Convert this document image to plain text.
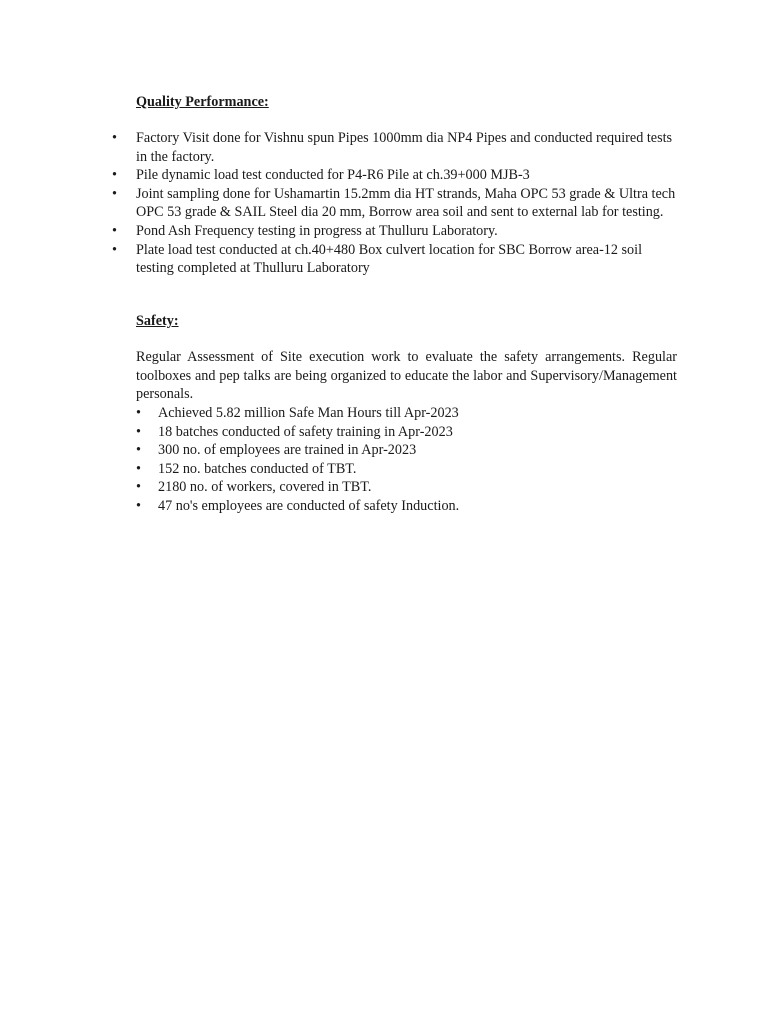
Quality Performance:

• Factory Visit done for Vishnu spun Pipes 1000mm dia NP4 Pipes and conducted required tests in the factory.
• Pile dynamic load test conducted for P4-R6 Pile at ch.39+000 MJB-3
• Joint sampling done for Ushamartin 15.2mm dia HT strands, Maha OPC 53 grade & Ultra tech OPC 53 grade & SAIL Steel dia 20 mm, Borrow area soil and sent to external lab for testing.
• Pond Ash Frequency testing in progress at Thulluru Laboratory.
• Plate load test conducted at ch.40+480 Box culvert location for SBC Borrow area-12 soil testing completed at Thulluru Laboratory

Safety:

Regular Assessment of Site execution work to evaluate the safety arrangements. Regular toolboxes and pep talks are being organized to educate the labor and Supervisory/Management personals.

• Achieved 5.82 million Safe Man Hours till Apr-2023
• 18 batches conducted of safety training in Apr-2023
• 300 no. of employees are trained in Apr-2023
• 152 no. batches conducted of TBT.
• 2180 no. of workers, covered in TBT.
• 47 no's employees are conducted of safety Induction.
